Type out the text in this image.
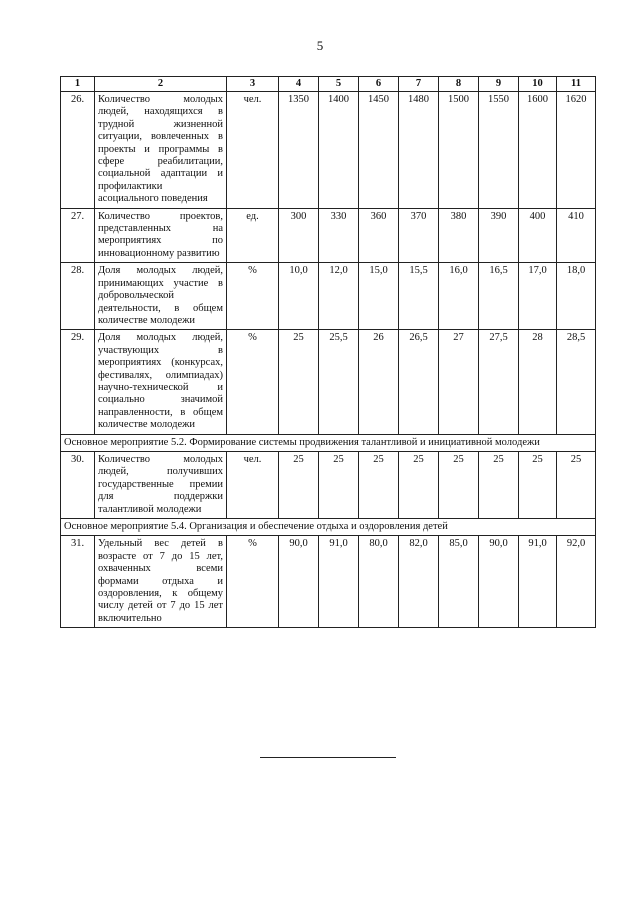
5
1	2	3	4	5	6	7	8	9	10	11
26.	Количество молодых людей, находящихся в трудной жизненной ситуации, вовлеченных в проекты и программы в сфере реабилитации, социальной адаптации и профилактики асоциального поведения	чел.	1350	1400	1450	1480	1500	1550	1600	1620
27.	Количество проектов, представленных на мероприятиях по инновационному развитию	ед.	300	330	360	370	380	390	400	410
28.	Доля молодых людей, принимающих участие в добровольческой деятельности, в общем количестве молодежи	%	10,0	12,0	15,0	15,5	16,0	16,5	17,0	18,0
29.	Доля молодых людей, участвующих в мероприятиях (конкурсах, фестивалях, олимпиадах) научно-технической и социально значимой направленности, в общем количестве молодежи	%	25	25,5	26	26,5	27	27,5	28	28,5
Основное мероприятие 5.2. Формирование системы продвижения талантливой и инициативной молодежи										
30.	Количество молодых людей, получивших государственные премии для поддержки талантливой молодежи	чел.	25	25	25	25	25	25	25	25
Основное мероприятие 5.4. Организация и обеспечение отдыха и оздоровления детей										
31.	Удельный вес детей в возрасте от 7 до 15 лет, охваченных всеми формами отдыха и оздоровления, к общему числу детей от 7 до 15 лет включительно	%	90,0	91,0	80,0	82,0	85,0	90,0	91,0	92,0
